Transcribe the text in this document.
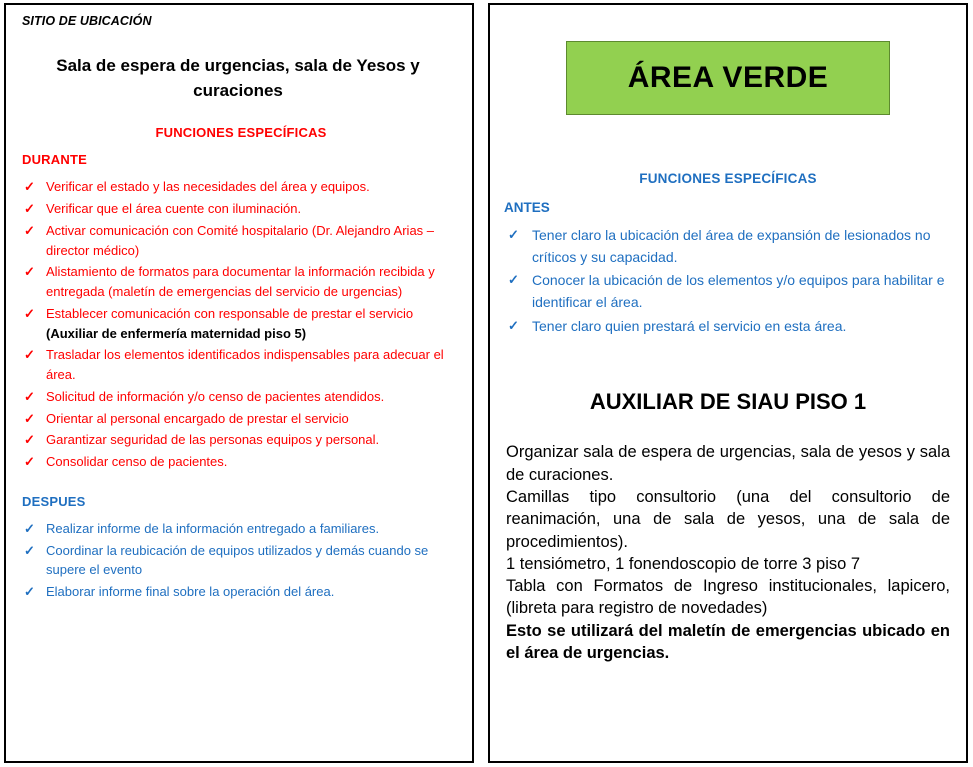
SITIO DE UBICACIÓN
Sala de espera de urgencias, sala de Yesos y curaciones
FUNCIONES ESPECÍFICAS
DURANTE
✓ Verificar el estado y las necesidades del área y equipos.
✓ Verificar que el área cuente con iluminación.
✓ Activar comunicación con Comité hospitalario (Dr. Alejandro Arias – director médico)
✓ Alistamiento de formatos para documentar la información recibida y entregada (maletín de emergencias del servicio de urgencias)
✓ Establecer comunicación con responsable de prestar el servicio (Auxiliar de enfermería maternidad piso 5)
✓ Trasladar los elementos identificados indispensables para adecuar el área.
✓ Solicitud de información y/o censo de pacientes atendidos.
✓ Orientar al personal encargado de prestar el servicio
✓ Garantizar seguridad de las personas equipos y personal.
✓ Consolidar censo de pacientes.
DESPUES
✓ Realizar informe de la información entregado a familiares.
✓ Coordinar la reubicación de equipos utilizados y demás cuando se supere el evento
✓ Elaborar informe final sobre la operación del área.
ÁREA VERDE
FUNCIONES ESPECÍFICAS
ANTES
✓ Tener claro la ubicación del área de expansión de lesionados no críticos y su capacidad.
✓ Conocer la ubicación de los elementos y/o equipos para habilitar e identificar el área.
✓ Tener claro quien prestará el servicio en esta área.
AUXILIAR DE SIAU PISO 1

Organizar sala de espera de urgencias, sala de yesos y sala de curaciones.

Camillas tipo consultorio (una del consultorio de reanimación, una de sala de yesos, una de sala de procedimientos).

1 tensiómetro, 1 fonendoscopio de torre 3 piso 7

Tabla con Formatos de Ingreso institucionales, lapicero, (libreta para registro de novedades)

Esto se utilizará del maletín de emergencias ubicado en el área de urgencias.
